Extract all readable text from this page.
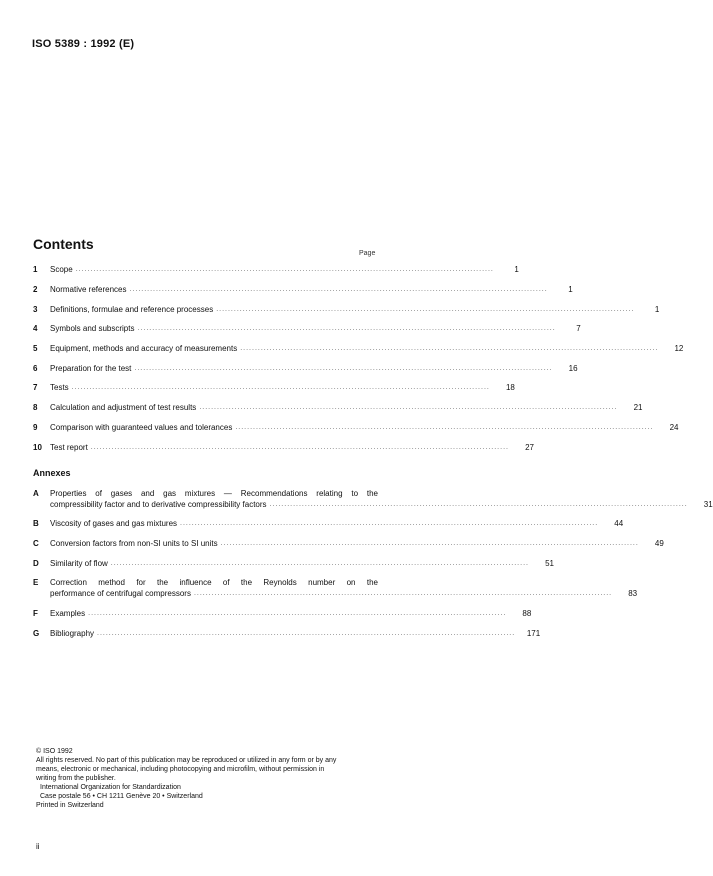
ISO 5389 : 1992 (E)
Contents
Page
1	Scope ..............................................................................................................................................	1
2	Normative references ..............................................................................................................................................	1
3	Definitions, formulae and reference processes ..............................................................................................................................................	1
4	Symbols and subscripts ..............................................................................................................................................	7
5	Equipment, methods and accuracy of measurements ..............................................................................................................................................	12
6	Preparation for the test ..............................................................................................................................................	16
7	Tests ..............................................................................................................................................	18
8	Calculation and adjustment of test results ..............................................................................................................................................	21
9	Comparison with guaranteed values and tolerances ..............................................................................................................................................	24
10	Test report ..............................................................................................................................................	27
Annexes
A Properties of gases and gas mixtures — Recommendations relating to the
compressibility factor and to derivative compressibility factors ..............................................................................................................................................	31
B	Viscosity of gases and gas mixtures ..............................................................................................................................................	44
C	Conversion factors from non-SI units to SI units ..............................................................................................................................................	49
D	Similarity of flow ..............................................................................................................................................	51
E Correction method for the influence of the Reynolds number on the
performance of centrifugal compressors ..............................................................................................................................................	83
F	Examples ..............................................................................................................................................	88
G	Bibliography ..............................................................................................................................................	171
© ISO 1992
All rights reserved. No part of this publication may be reproduced or utilized in any form or by any
means, electronic or mechanical, including photocopying and microfilm, without permission in
writing from the publisher.
International Organization for Standardization
Case postale 56 • CH 1211 Genève 20 • Switzerland
Printed in Switzerland
ii
